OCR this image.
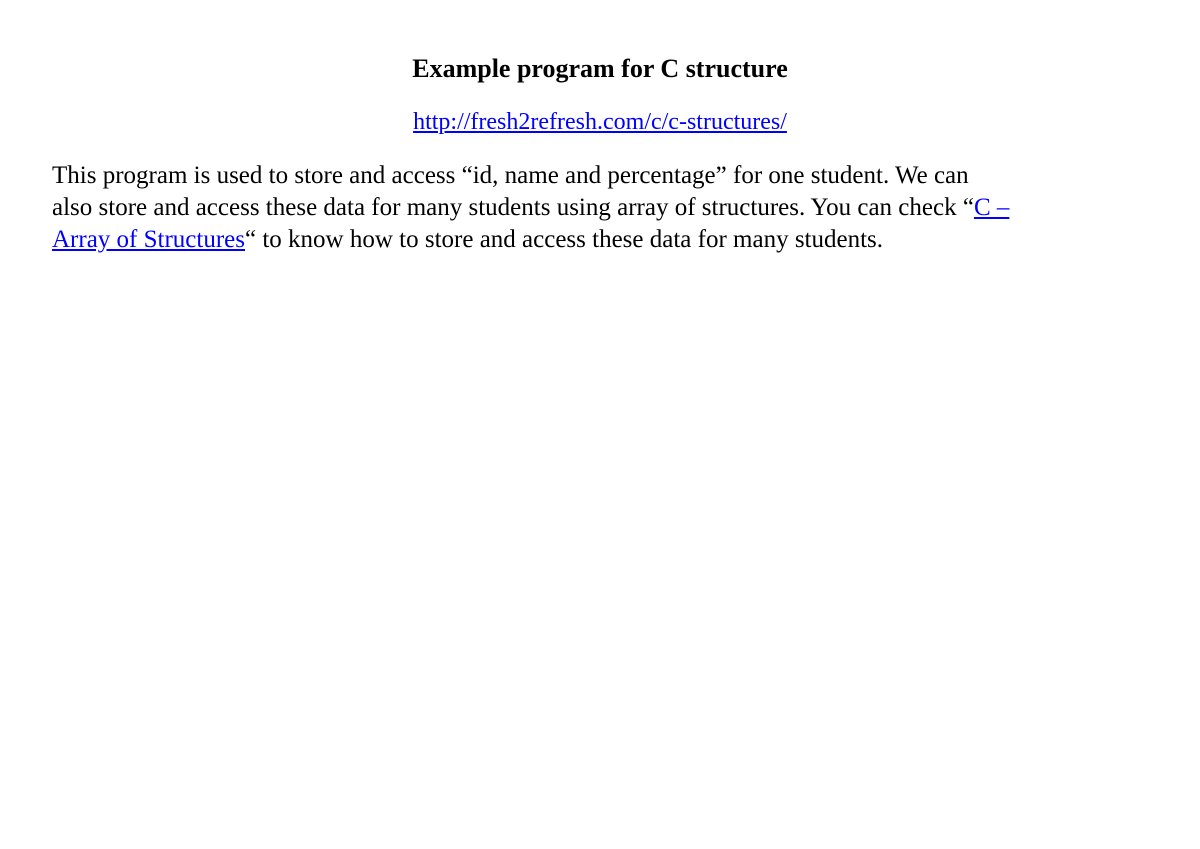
Example program for C structure

http://fresh2refresh.com/c/c-structures/

This program is used to store and access “id, name and percentage” for one student. We can
also store and access these data for many students using array of structures. You can check “C –
Array of Structures“ to know how to store and access these data for many students.
